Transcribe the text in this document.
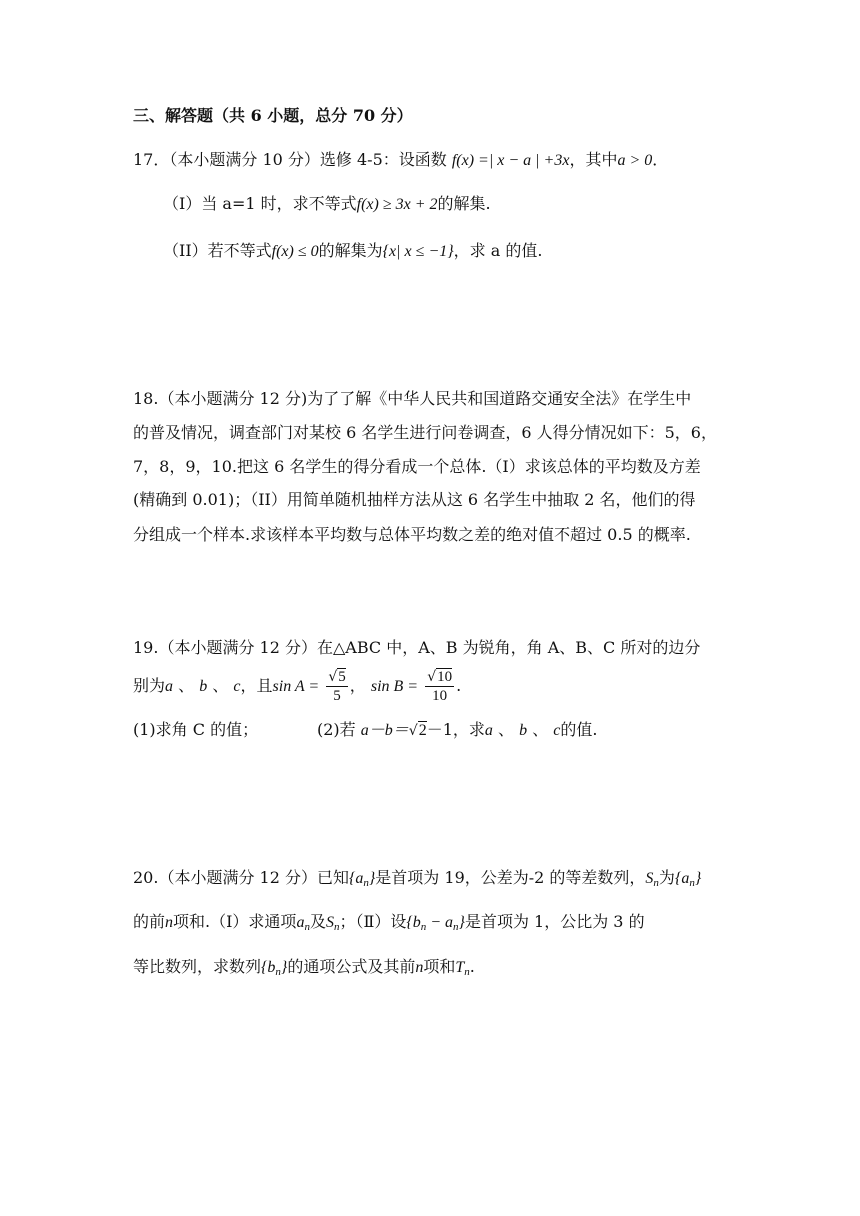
三、解答题（共 6 小题，总分 70 分）
17．（本小题满分 10 分）选修 4-5：设函数 f(x) =| x − a | +3x，其中a > 0．
（I）当 a=1 时，求不等式f(x) ≥ 3x + 2的解集.
（II）若不等式f(x) ≤ 0的解集为{x| x ≤ −1}，求 a 的值.
18.（本小题满分 12 分)为了了解《中华人民共和国道路交通安全法》在学生中
的普及情况，调查部门对某校 6 名学生进行问卷调查，6 人得分情况如下：5，6，
7，8，9，10.把这 6 名学生的得分看成一个总体.（I）求该总体的平均数及方差
(精确到 0.01)；（II）用简单随机抽样方法从这 6 名学生中抽取 2 名，他们的得
分组成一个样本.求该样本平均数与总体平均数之差的绝对值不超过 0.5 的概率.
19.（本小题满分 12 分）在△ABC 中，A、B 为锐角，角 A、B、C 所对的边分
别为a 、 b 、 c，且$\sin A = \frac{√5}{5}$ ， $\sin B = \frac{√10}{10}$ .
(1)求角 C 的值；	(2)若 a－b＝√2－1，求a 、 b 、 c的值.
20.（本小题满分 12 分）已知$\{a_n\}$是首项为 19，公差为-2 的等差数列，$S_n$为$\{a_n\}$
的前n项和.（Ⅰ）求通项$a_n$及$S_n$；（Ⅱ）设$\{b_n - a_n\}$是首项为 1，公比为 3 的
等比数列，求数列$\{b_n\}$的通项公式及其前n项和$T_n$.
